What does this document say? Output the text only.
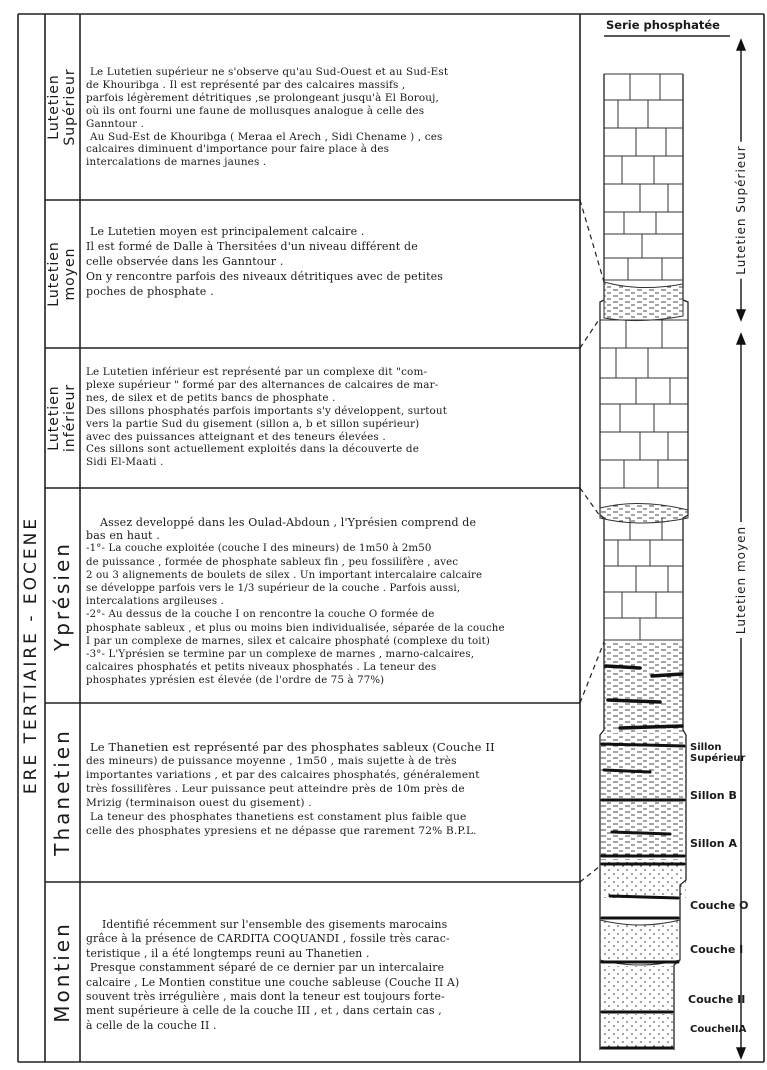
ERE TERTIAIRE - EOCENE
Lutetien Supérieur
Lutetien moyen
Lutetien inférieur
Yprésien
Thanetien
Montien

Le Lutetien supérieur ne s'observe qu'au Sud-Ouest et au Sud-Est

de Khouribga . Il est représenté par des calcaires massifs ,

parfois légèrement détritiques ,se prolongeant jusqu'à El Borouj,

où ils ont fourni une faune de mollusques analogue à celle des

Ganntour .

Au Sud-Est de Khouribga ( Meraa el Arech , Sidi Chename ) , ces

calcaires diminuent d'importance pour faire place à des

intercalations de marnes jaunes .

Le Lutetien moyen est principalement calcaire .

Il est formé de Dalle à Thersitées d'un niveau différent de

celle observée dans les Ganntour .

On y rencontre parfois des niveaux détritiques avec de petites

poches de phosphate .

Le Lutetien inférieur est représenté par un complexe dit "com-

plexe supérieur " formé par des alternances de calcaires de mar-

nes, de silex et de petits bancs de phosphate .

Des sillons phosphatés parfois importants s'y développent, surtout

vers la partie Sud du gisement (sillon a, b et sillon supérieur)

avec des puissances atteignant et des teneurs élevées .

Ces sillons sont actuellement exploités dans la découverte de

Sidi El-Maati .

Assez developpé dans les Oulad-Abdoun , l'Yprésien comprend de

bas en haut .

-1°- La couche exploitée (couche I des mineurs) de 1m50 à 2m50

de puissance , formée de phosphate sableux fin , peu fossilifère , avec

2 ou 3 alignements de boulets de silex . Un important intercalaire calcaire

se développe parfois vers le 1/3 supérieur de la couche . Parfois aussi,

intercalations argileuses .

-2°- Au dessus de la couche I on rencontre la couche O formée de

phosphate sableux , et plus ou moins bien individualisée, séparée de la couche

I par un complexe de marnes, silex et calcaire phosphaté (complexe du toit)

-3°- L'Yprésien se termine par un complexe de marnes , marno-calcaires,

calcaires phosphatés et petits niveaux phosphatés . La teneur des

phosphates yprésien est élevée (de l'ordre de 75 à 77%)

Le Thanetien est représenté par des phosphates sableux (Couche II

des mineurs) de puissance moyenne , 1m50 , mais sujette à de très

importantes variations , et par des calcaires phosphatés, généralement

très fossilifères . Leur puissance peut atteindre près de 10m près de

Mrizig (terminaison ouest du gisement) .

La teneur des phosphates thanetiens est constament plus faible que

celle des phosphates ypresiens et ne dépasse que rarement 72% B.P.L.

Identifié récemment sur l'ensemble des gisements marocains

grâce à la présence de CARDITA COQUANDI , fossile très carac-

teristique , il a été longtemps reuni au Thanetien .

Presque constamment séparé de ce dernier par un intercalaire

calcaire , Le Montien constitue une couche sableuse (Couche II A)

souvent très irrégulière , mais dont la teneur est toujours forte-

ment supérieure à celle de la couche III , et , dans certain cas ,

à celle de la couche II .

Serie phosphatée
Lutetien Supérieur
Lutetien moyen
Sillon
Supérieur
Sillon B
Sillon A
Couche O
Couche I
Couche II
CoucheIIA
